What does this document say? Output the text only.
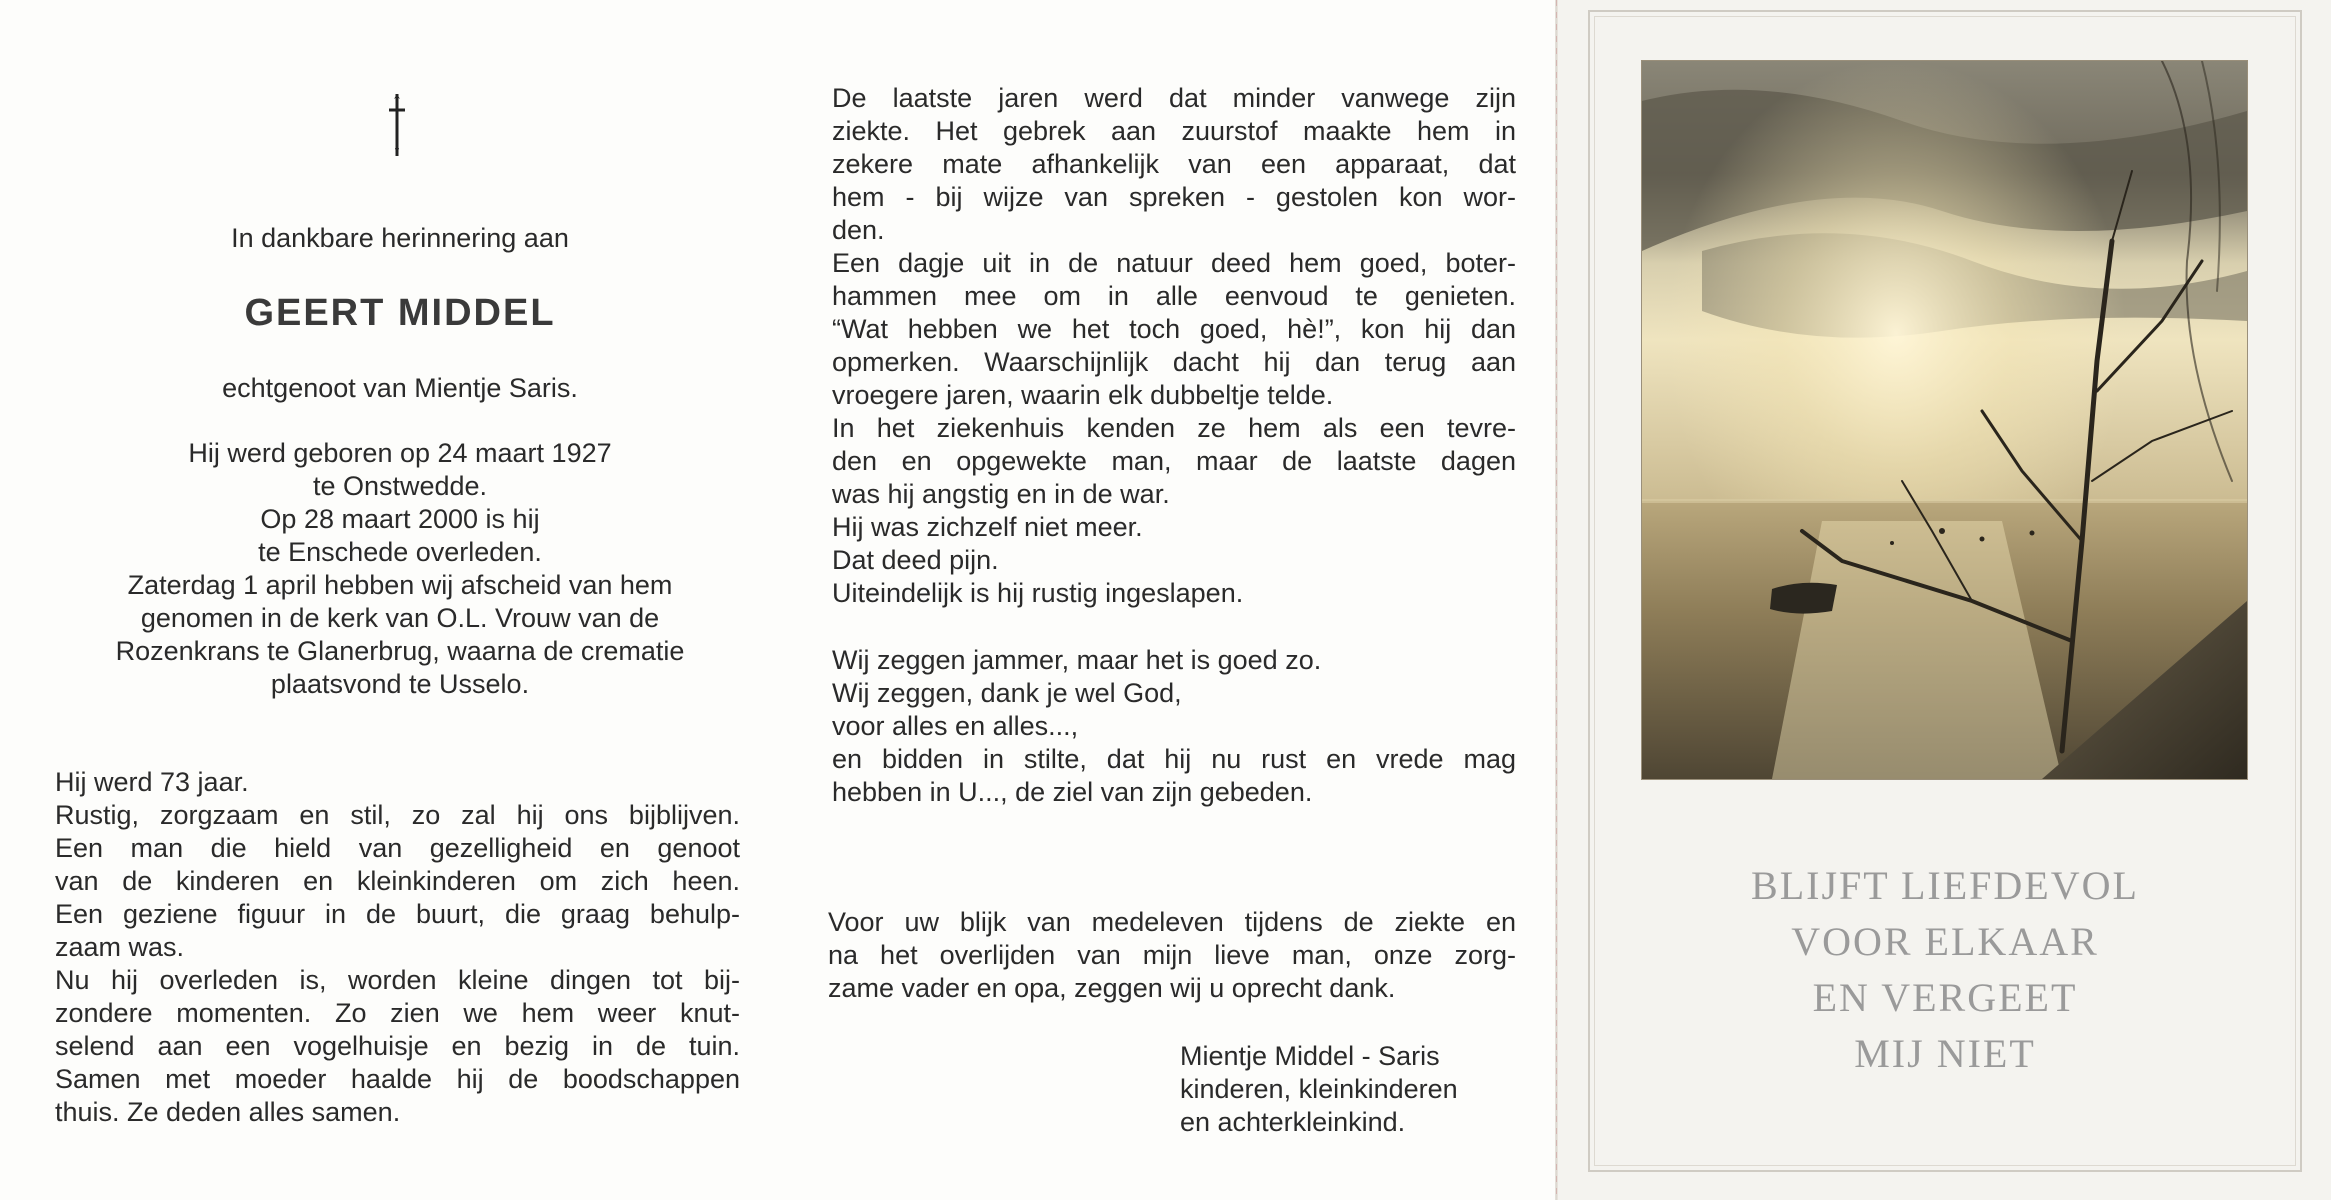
In dankbare herinnering aan
GEERT MIDDEL
echtgenoot van Mientje Saris.
Hij werd geboren op 24 maart 1927
te Onstwedde.
Op 28 maart 2000 is hij
te Enschede overleden.
Zaterdag 1 april hebben wij afscheid van hem
genomen in de kerk van O.L. Vrouw van de
Rozenkrans te Glanerbrug, waarna de crematie
plaatsvond te Usselo.
Hij werd 73 jaar.
Rustig, zorgzaam en stil, zo zal hij ons bijblijven.
Een man die hield van gezelligheid en genoot
van de kinderen en kleinkinderen om zich heen.
Een geziene figuur in de buurt, die graag behulp-
zaam was.
Nu hij overleden is, worden kleine dingen tot bij-
zondere momenten. Zo zien we hem weer knut-
selend aan een vogelhuisje en bezig in de tuin.
Samen met moeder haalde hij de boodschappen
thuis. Ze deden alles samen.
De laatste jaren werd dat minder vanwege zijn
ziekte. Het gebrek aan zuurstof maakte hem in
zekere mate afhankelijk van een apparaat, dat
hem - bij wijze van spreken - gestolen kon wor-
den.
Een dagje uit in de natuur deed hem goed, boter-
hammen mee om in alle eenvoud te genieten.
“Wat hebben we het toch goed, hè!”, kon hij dan
opmerken. Waarschijnlijk dacht hij dan terug aan
vroegere jaren, waarin elk dubbeltje telde.
In het ziekenhuis kenden ze hem als een tevre-
den en opgewekte man, maar de laatste dagen
was hij angstig en in de war.
Hij was zichzelf niet meer.
Dat deed pijn.
Uiteindelijk is hij rustig ingeslapen.
Wij zeggen jammer, maar het is goed zo.
Wij zeggen, dank je wel God,
voor alles en alles...,
en bidden in stilte, dat hij nu rust en vrede mag
hebben in U..., de ziel van zijn gebeden.
Voor uw blijk van medeleven tijdens de ziekte en
na het overlijden van mijn lieve man, onze zorg-
zame vader en opa, zeggen wij u oprecht dank.
Mientje Middel - Saris
kinderen, kleinkinderen
en achterkleinkind.
BLIJFT LIEFDEVOL
VOOR ELKAAR
EN VERGEET
MIJ NIET
